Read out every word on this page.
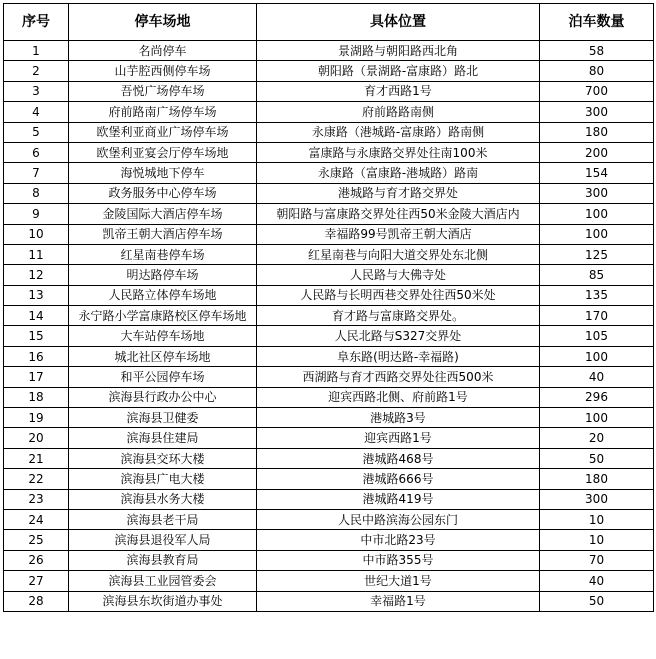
序号	停车场地	具体位置	泊车数量
1	名尚停车	景湖路与朝阳路西北角	58
2	山芋腔西侧停车场	朝阳路（景湖路-富康路）路北	80
3	吾悦广场停车场	育才西路1号	700
4	府前路南广场停车场	府前路路南侧	300
5	欧堡利亚商业广场停车场	永康路（港城路-富康路）路南侧	180
6	欧堡利亚宴会厅停车场地	富康路与永康路交界处往南100米	200
7	海悦城地下停车	永康路（富康路-港城路）路南	154
8	政务服务中心停车场	港城路与育才路交界处	300
9	金陵国际大酒店停车场	朝阳路与富康路交界处往西50米金陵大酒店内	100
10	凯帝王朝大酒店停车场	幸福路99号凯帝王朝大酒店	100
11	红星南巷停车场	红星南巷与向阳大道交界处东北侧	125
12	明达路停车场	人民路与大佛寺处	85
13	人民路立体停车场地	人民路与长明西巷交界处往西50米处	135
14	永宁路小学富康路校区停车场地	育才路与富康路交界处。	170
15	大车站停车场地	人民北路与S327交界处	105
16	城北社区停车场地	阜东路(明达路-幸福路)	100
17	和平公园停车场	西湖路与育才西路交界处往西500米	40
18	滨海县行政办公中心	迎宾西路北侧、府前路1号	296
19	滨海县卫健委	港城路3号	100
20	滨海县住建局	迎宾西路1号	20
21	滨海县交环大楼	港城路468号	50
22	滨海县广电大楼	港城路666号	180
23	滨海县水务大楼	港城路419号	300
24	滨海县老干局	人民中路滨海公园东门	10
25	滨海县退役军人局	中市北路23号	10
26	滨海县教育局	中市路355号	70
27	滨海县工业园管委会	世纪大道1号	40
28	滨海县东坎街道办事处	幸福路1号	50
